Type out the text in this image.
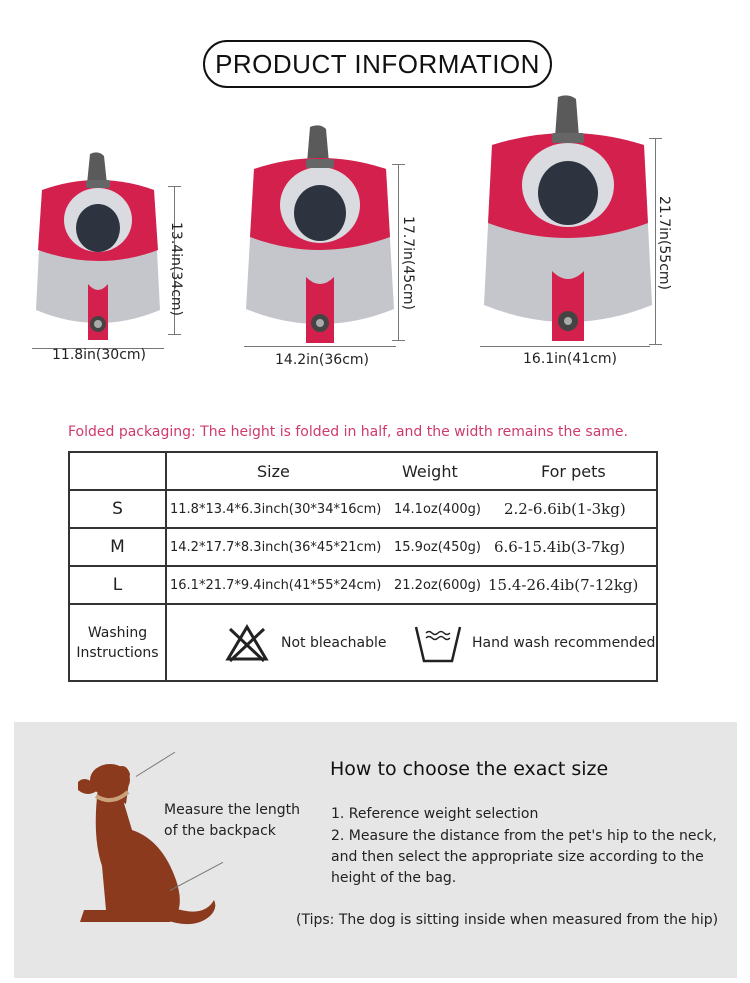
PRODUCT INFORMATION
13.4in(34cm)
11.8in(30cm)
17.7in(45cm)
14.2in(36cm)
21.7in(55cm)
16.1in(41cm)
Folded packaging: The height is folded in half, and the width remains the same.
Size	Weight	For pets
S	11.8*13.4*6.3inch(30*34*16cm) 14.1oz(400g) 2.2-6.6ib(1-3kg)
M	14.2*17.7*8.3inch(36*45*21cm) 15.9oz(450g) 6.6-15.4ib(3-7kg)
L	16.1*21.7*9.4inch(41*55*24cm) 21.2oz(600g) 15.4-26.4ib(7-12kg)
Washing
Instructions
Not bleachable	Hand wash recommended
Measure the length
of the backpack
How to choose the exact size
1. Reference weight selection
2. Measure the distance from the pet's hip to the neck,
and then select the appropriate size according to the
height of the bag.
(Tips: The dog is sitting inside when measured from the hip)
